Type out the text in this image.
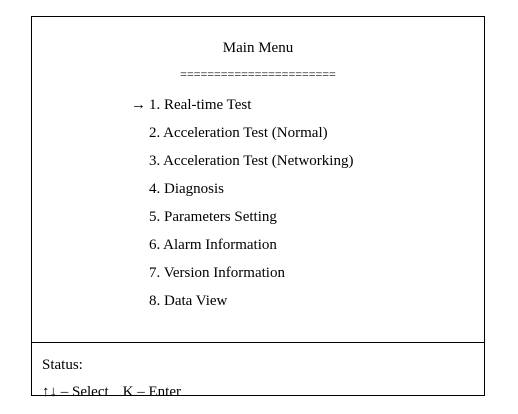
Main Menu
=======================
→ 1. Real-time Test
2. Acceleration Test (Normal)
3. Acceleration Test (Networking)
4. Diagnosis
5. Parameters Setting
6. Alarm Information
7. Version Information
8. Data View
Status:
↑↓ – Select K – Enter
